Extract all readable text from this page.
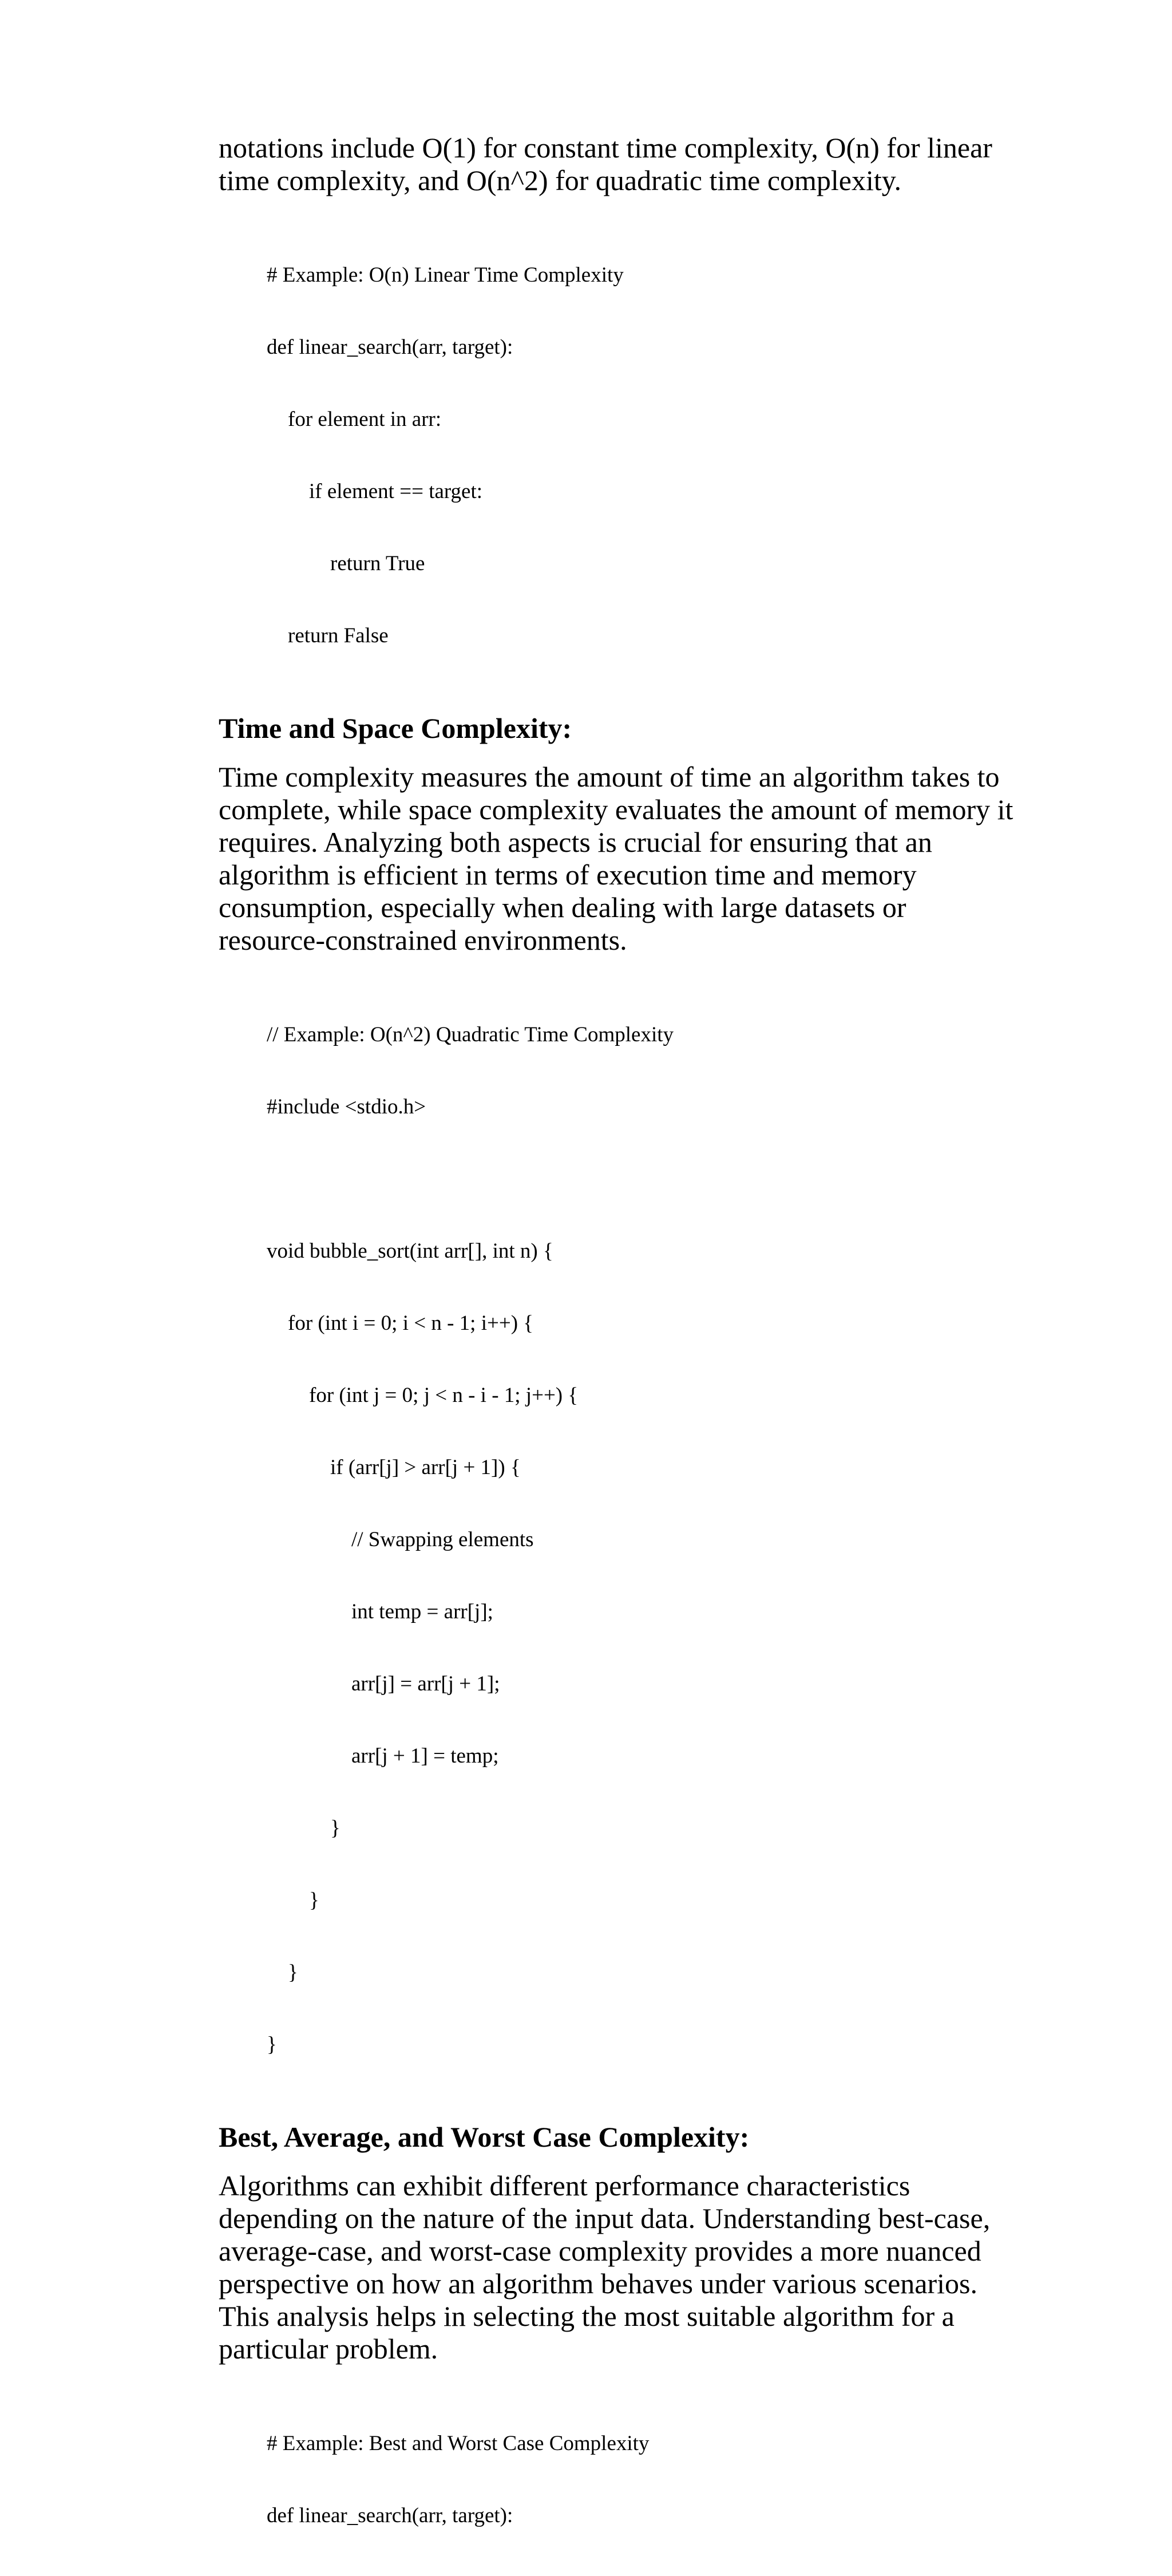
notations include O(1) for constant time complexity, O(n) for linear
time complexity, and O(n^2) for quadratic time complexity.

# Example: O(n) Linear Time Complexity

def linear_search(arr, target):

for element in arr:

if element == target:

return True

return False

Time and Space Complexity:

Time complexity measures the amount of time an algorithm takes to
complete, while space complexity evaluates the amount of memory it
requires. Analyzing both aspects is crucial for ensuring that an
algorithm is efficient in terms of execution time and memory
consumption, especially when dealing with large datasets or
resource-constrained environments.

// Example: O(n^2) Quadratic Time Complexity

#include <stdio.h>

void bubble_sort(int arr[], int n) {

for (int i = 0; i < n - 1; i++) {

for (int j = 0; j < n - i - 1; j++) {

if (arr[j] > arr[j + 1]) {

// Swapping elements

int temp = arr[j];

arr[j] = arr[j + 1];

arr[j + 1] = temp;

}

}

}

}

Best, Average, and Worst Case Complexity:

Algorithms can exhibit different performance characteristics
depending on the nature of the input data. Understanding best-case,
average-case, and worst-case complexity provides a more nuanced
perspective on how an algorithm behaves under various scenarios.
This analysis helps in selecting the most suitable algorithm for a
particular problem.

# Example: Best and Worst Case Complexity

def linear_search(arr, target):
